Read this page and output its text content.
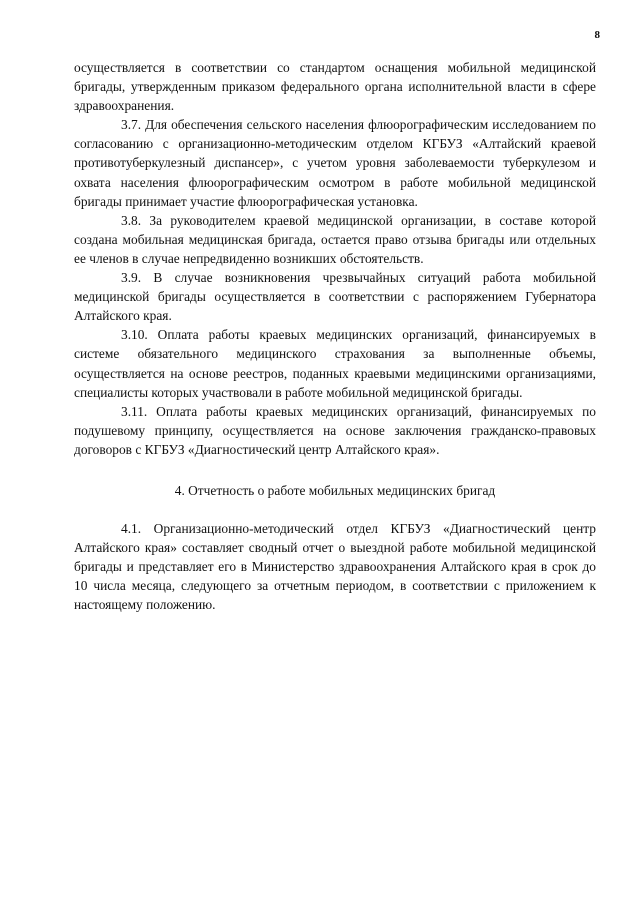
8

осуществляется в соответствии со стандартом оснащения мобильной медицинской бригады, утвержденным приказом федерального органа исполнительной власти в сфере здравоохранения.

3.7. Для обеспечения сельского населения флюорографическим исследованием по согласованию с организационно-методическим отделом КГБУЗ «Алтайский краевой противотуберкулезный диспансер», с учетом уровня заболеваемости туберкулезом и охвата населения флюорографическим осмотром в работе мобильной медицинской бригады принимает участие флюорографическая установка.

3.8. За руководителем краевой медицинской организации, в составе которой создана мобильная медицинская бригада, остается право отзыва бригады или отдельных ее членов в случае непредвиденно возникших обстоятельств.

3.9. В случае возникновения чрезвычайных ситуаций работа мобильной медицинской бригады осуществляется в соответствии с распоряжением Губернатора Алтайского края.

3.10. Оплата работы краевых медицинских организаций, финансируемых в системе обязательного медицинского страхования за выполненные объемы, осуществляется на основе реестров, поданных краевыми медицинскими организациями, специалисты которых участвовали в работе мобильной медицинской бригады.

3.11. Оплата работы краевых медицинских организаций, финансируемых по подушевому принципу, осуществляется на основе заключения гражданско-правовых договоров с КГБУЗ «Диагностический центр Алтайского края».

4. Отчетность о работе мобильных медицинских бригад

4.1. Организационно-методический отдел КГБУЗ «Диагностический центр Алтайского края» составляет сводный отчет о выездной работе мобильной медицинской бригады и представляет его в Министерство здравоохранения Алтайского края в срок до 10 числа месяца, следующего за отчетным периодом, в соответствии с приложением к настоящему положению.
